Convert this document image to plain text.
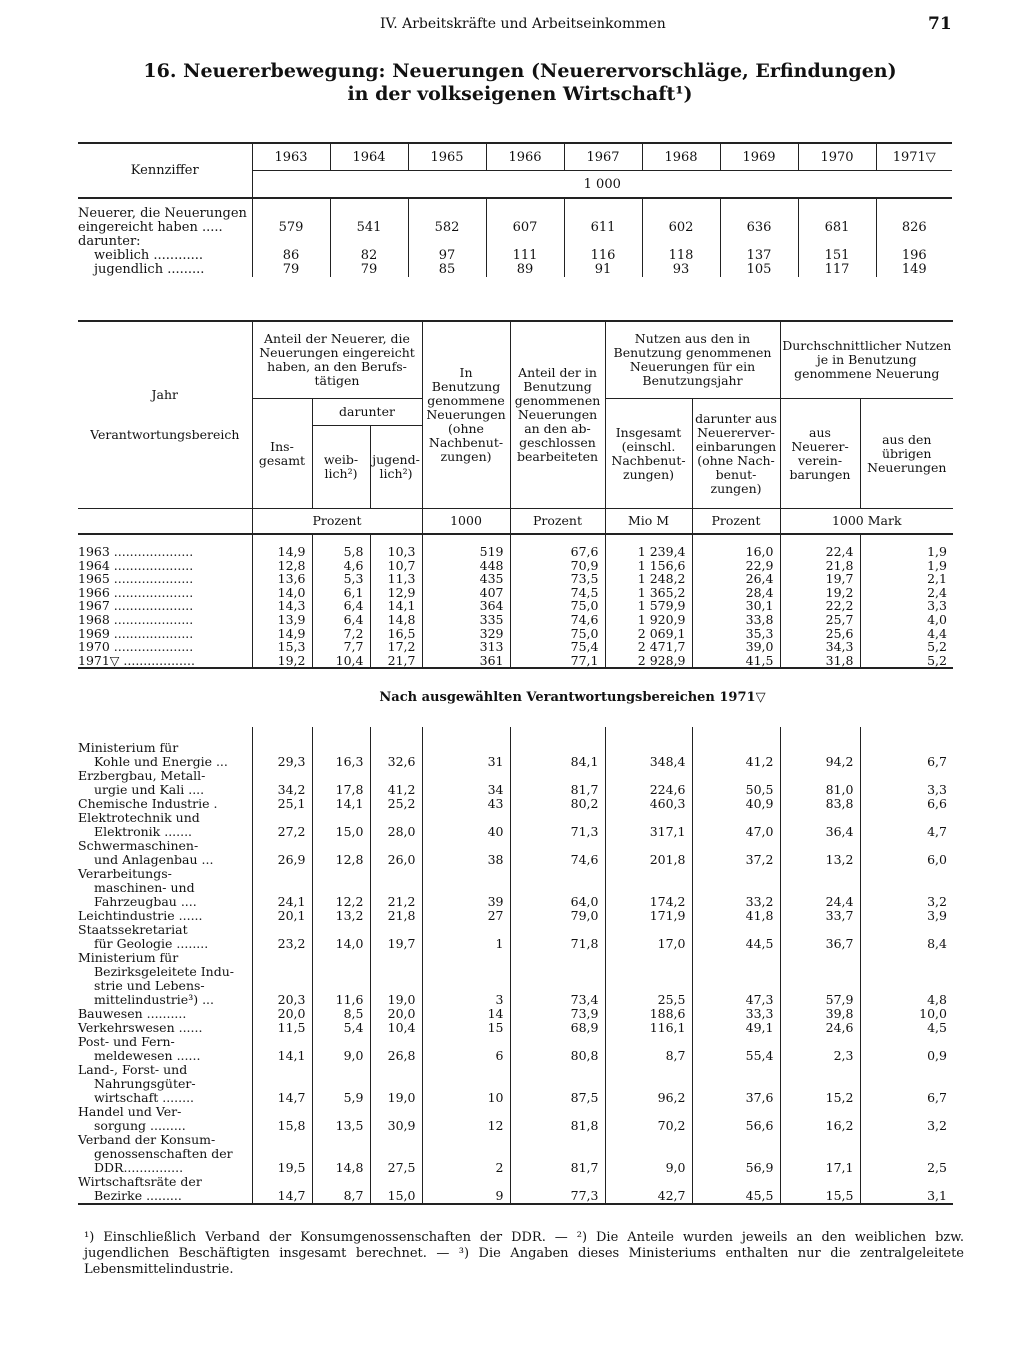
IV. Arbeitskräfte und Arbeitseinkommen	71
16. Neuererbewegung: Neuerungen (Neuerervorschläge, Erfindungen)
in der volkseigenen Wirtschaft¹)
Kennziffer	1963	1964	1965	1966	1967	1968	1969	1970	1971▽
	1 000								

Neuerer, die Neuerungen									
eingereicht haben .....	579	541	582	607	611	602	636	681	826
darunter:									
weiblich ............	86	82	97	111	116	118	137	151	196
jugendlich .........	79	79	85	89	91	93	105	117	149
Jahr
Verantwortungsbereich	Anteil der Neuerer, die Neuerungen eingereicht haben, an den Berufs-tätigen			In Benutzung genommene Neuerungen (ohne Nachbenut-zungen)	Anteil der in Benutzung genommenen Neuerungen an den ab-geschlossen bearbeiteten	Nutzen aus den in Benutzung genommenen Neuerungen für ein Benutzungsjahr		Durchschnittlicher Nutzen je in Benutzung genommene Neuerung	
	Ins-gesamt	darunter				Insgesamt (einschl. Nachbenut-zungen)	darunter aus Neuererver-einbarungen (ohne Nach-benut-zungen)	aus Neuerer-verein-barungen	aus den übrigen Neuerungen
		weib-lich²)	jugend-lich²)						
	Prozent			1000	Prozent	Mio M	Prozent	1000 Mark	

1963 ....................	14,9	5,8	10,3	519	67,6	1 239,4	16,0	22,4	1,9
1964 ....................	12,8	4,6	10,7	448	70,9	1 156,6	22,9	21,8	1,9
1965 ....................	13,6	5,3	11,3	435	73,5	1 248,2	26,4	19,7	2,1
1966 ....................	14,0	6,1	12,9	407	74,5	1 365,2	28,4	19,2	2,4
1967 ....................	14,3	6,4	14,1	364	75,0	1 579,9	30,1	22,2	3,3
1968 ....................	13,9	6,4	14,8	335	74,6	1 920,9	33,8	25,7	4,0
1969 ....................	14,9	7,2	16,5	329	75,0	2 069,1	35,3	25,6	4,4
1970 ....................	15,3	7,7	17,2	313	75,4	2 471,7	39,0	34,3	5,2
1971▽ ..................	19,2	10,4	21,7	361	77,1	2 928,9	41,5	31,8	5,2
Nach ausgewählten Verantwortungsbereichen 1971▽									

Ministerium für									
Kohle und Energie ...	29,3	16,3	32,6	31	84,1	348,4	41,2	94,2	6,7
Erzbergbau, Metall-									
urgie und Kali ....	34,2	17,8	41,2	34	81,7	224,6	50,5	81,0	3,3
Chemische Industrie .	25,1	14,1	25,2	43	80,2	460,3	40,9	83,8	6,6
Elektrotechnik und									
Elektronik .......	27,2	15,0	28,0	40	71,3	317,1	47,0	36,4	4,7
Schwermaschinen-									
und Anlagenbau ...	26,9	12,8	26,0	38	74,6	201,8	37,2	13,2	6,0
Verarbeitungs-									
maschinen- und									
Fahrzeugbau ....	24,1	12,2	21,2	39	64,0	174,2	33,2	24,4	3,2
Leichtindustrie ......	20,1	13,2	21,8	27	79,0	171,9	41,8	33,7	3,9
Staatssekretariat									
für Geologie ........	23,2	14,0	19,7	1	71,8	17,0	44,5	36,7	8,4
Ministerium für									
Bezirksgeleitete Indu-									
strie und Lebens-									
mittelindustrie³) ...	20,3	11,6	19,0	3	73,4	25,5	47,3	57,9	4,8
Bauwesen ..........	20,0	8,5	20,0	14	73,9	188,6	33,3	39,8	10,0
Verkehrswesen ......	11,5	5,4	10,4	15	68,9	116,1	49,1	24,6	4,5
Post- und Fern-									
meldewesen ......	14,1	9,0	26,8	6	80,8	8,7	55,4	2,3	0,9
Land-, Forst- und									
Nahrungsgüter-									
wirtschaft ........	14,7	5,9	19,0	10	87,5	96,2	37,6	15,2	6,7
Handel und Ver-									
sorgung .........	15,8	13,5	30,9	12	81,8	70,2	56,6	16,2	3,2
Verband der Konsum-									
genossenschaften der									
DDR...............	19,5	14,8	27,5	2	81,7	9,0	56,9	17,1	2,5
Wirtschaftsräte der									
Bezirke .........	14,7	8,7	15,0	9	77,3	42,7	45,5	15,5	3,1
¹) Einschließlich Verband der Konsumgenossenschaften der DDR. — ²) Die Anteile wurden jeweils an den weiblichen bzw. jugendlichen Beschäftigten insgesamt berechnet. — ³) Die Angaben dieses Ministeriums enthalten nur die zentralgeleitete Lebensmittelindustrie.
